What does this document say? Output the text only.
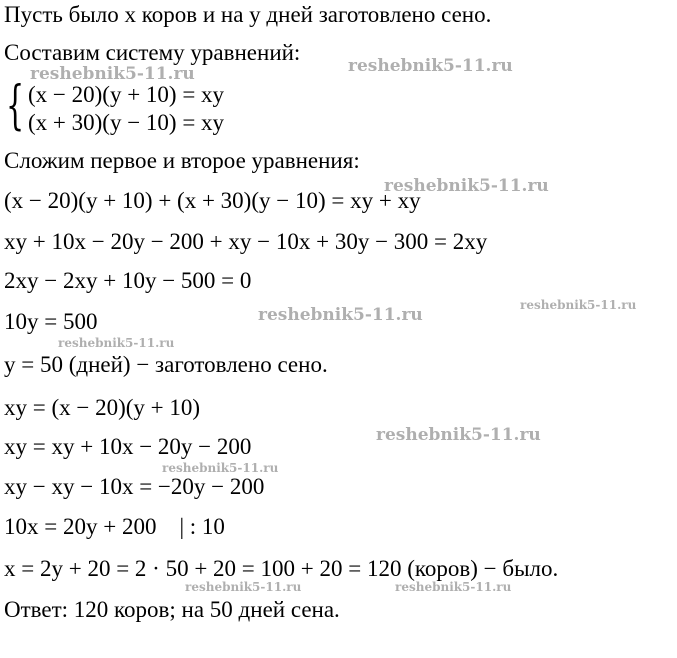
Пусть было x коров и на y дней заготовлено сено.
Составим систему уравнений:
{ (x − 20)(y + 10) = xy
(x + 30)(y − 10) = xy
Сложим первое и второе уравнения:
(x − 20)(y + 10) + (x + 30)(y − 10) = xy + xy
xy + 10x − 20y − 200 + xy − 10x + 30y − 300 = 2xy
2xy − 2xy + 10y − 500 = 0
10y = 500
y = 50 (дней) − заготовлено сено.
xy = (x − 20)(y + 10)
xy = xy + 10x − 20y − 200
xy − xy − 10x = −20y − 200
10x = 20y + 200    | : 10
x = 2y + 20 = 2 · 50 + 20 = 100 + 20 = 120 (коров) − было.
Ответ: 120 коров; на 50 дней сена.
reshebnik5-11.ru	reshebnik5-11.ru
reshebnik5-11.ru
reshebnik5-11.ru
reshebnik5-11.ru
reshebnik5-11.ru
reshebnik5-11.ru
reshebnik5-11.ru
reshebnik5-11.ru	reshebnik5-11.ru
